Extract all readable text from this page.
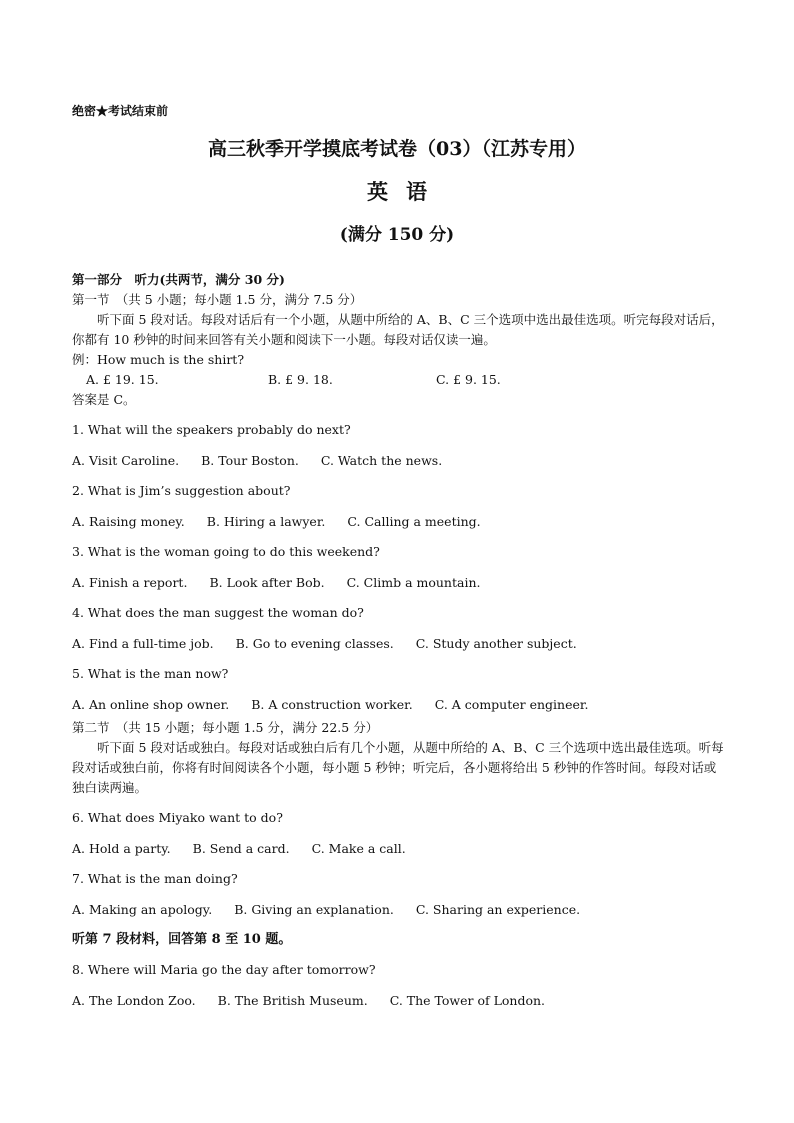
绝密★考试结束前
高三秋季开学摸底考试卷（03）（江苏专用）
英语
(满分 150 分)
第一部分　听力(共两节，满分 30 分)
第一节　（共 5 小题；每小题 1.5 分，满分 7.5 分）
听下面 5 段对话。每段对话后有一个小题，从题中所给的 A、B、C 三个选项中选出最佳选项。听完每段对话后，你都有 10 秒钟的时间来回答有关小题和阅读下一小题。每段对话仅读一遍。
例：How much is the shirt?
A. £ 19. 15.	B. £ 9. 18.	C. £ 9. 15.
答案是 C。
1. What will the speakers probably do next?
A. Visit Caroline. B. Tour Boston. C. Watch the news.
2. What is Jim’s suggestion about?
A. Raising money. B. Hiring a lawyer. C. Calling a meeting.
3. What is the woman going to do this weekend?
A. Finish a report. B. Look after Bob. C. Climb a mountain.
4. What does the man suggest the woman do?
A. Find a full-time job. B. Go to evening classes. C. Study another subject.
5. What is the man now?
A. An online shop owner. B. A construction worker. C. A computer engineer.
第二节　（共 15 小题；每小题 1.5 分，满分 22.5 分）
听下面 5 段对话或独白。每段对话或独白后有几个小题，从题中所给的 A、B、C 三个选项中选出最佳选项。听每段对话或独白前，你将有时间阅读各个小题，每小题 5 秒钟；听完后，各小题将给出 5 秒钟的作答时间。每段对话或独白读两遍。
6. What does Miyako want to do?
A. Hold a party. B. Send a card. C. Make a call.
7. What is the man doing?
A. Making an apology. B. Giving an explanation. C. Sharing an experience.
听第 7 段材料，回答第 8 至 10 题。
8. Where will Maria go the day after tomorrow?
A. The London Zoo. B. The British Museum. C. The Tower of London.
